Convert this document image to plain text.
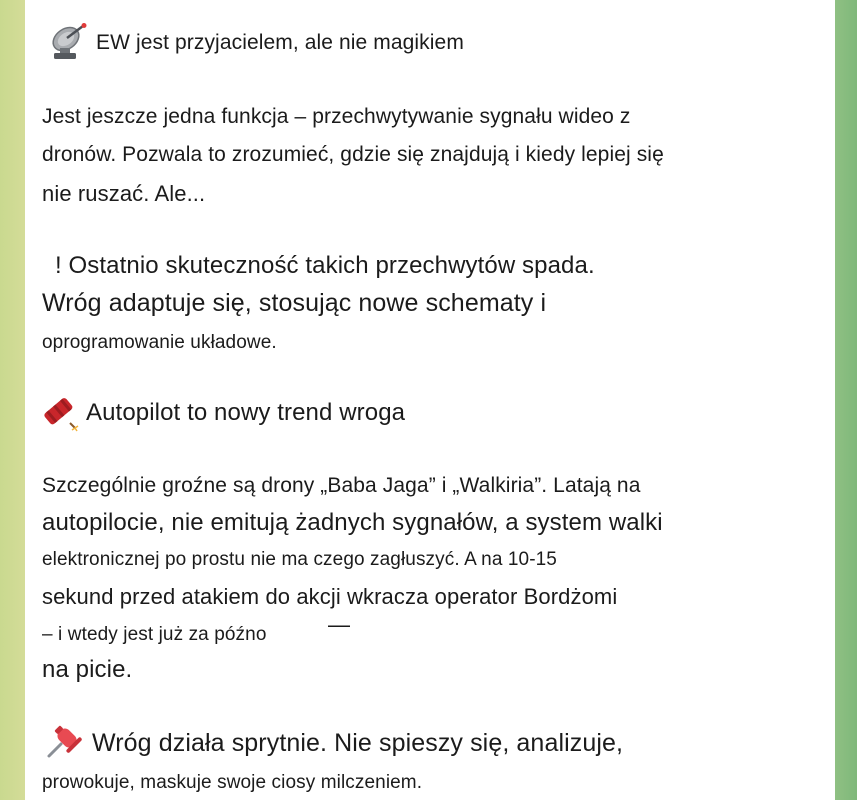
EW jest przyjacielem, ale nie magikiem
Jest jeszcze jedna funkcja – przechwytywanie sygnału wideo z
dronów. Pozwala to zrozumieć, gdzie się znajdują i kiedy lepiej się
nie ruszać. Ale...
! Ostatnio skuteczność takich przechwytów spada.
Wróg adaptuje się, stosując nowe schematy i
oprogramowanie układowe.
Autopilot to nowy trend wroga
Szczególnie groźne są drony „Baba Jaga” i „Walkiria”. Latają na
autopilocie, nie emitują żadnych sygnałów, a system walki
elektronicznej po prostu nie ma czego zagłuszyć. A na 10-15
sekund przed atakiem do akcji wkracza operator Bordżomi
– i wtedy jest już za późno	—
na picie.
Wróg działa sprytnie. Nie spieszy się, analizuje,
prowokuje, maskuje swoje ciosy milczeniem.
